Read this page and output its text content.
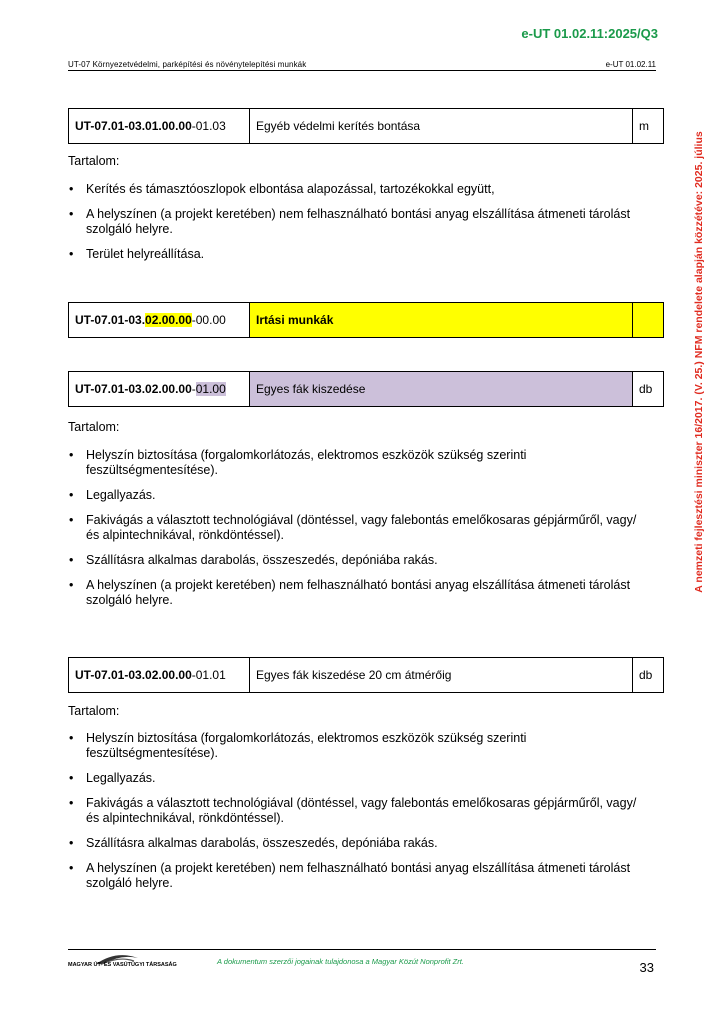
e-UT 01.02.11:2025/Q3
UT-07 Környezetvédelmi, parképítési és növénytelepítési munkák	e-UT 01.02.11
A nemzeti fejlesztési miniszter 16/2017. (V. 25.) NFM rendelete alapján közzétéve: 2025. július
UT-07.01-03.01.00.00-01.03	Egyéb védelmi kerítés bontása	m
Tartalom:
• Kerítés és támasztóoszlopok elbontása alapozással, tartozékokkal együtt,
• A helyszínen (a projekt keretében) nem felhasználható bontási anyag elszállítása átmeneti tárolást szolgáló helyre.
• Terület helyreállítása.
UT-07.01-03.02.00.00-00.00	Irtási munkák	
UT-07.01-03.02.00.00-01.00	Egyes fák kiszedése	db
Tartalom:
• Helyszín biztosítása (forgalomkorlátozás, elektromos eszközök szükség szerinti feszültségmentesítése).
• Legallyazás.
• Fakivágás a választott technológiával (döntéssel, vagy falebontás emelőkosaras gépjárműről, vagy/és alpintechnikával, rönkdöntéssel).
• Szállításra alkalmas darabolás, összeszedés, depóniába rakás.
• A helyszínen (a projekt keretében) nem felhasználható bontási anyag elszállítása átmeneti tárolást szolgáló helyre.
UT-07.01-03.02.00.00-01.01	Egyes fák kiszedése 20 cm átmérőig	db
Tartalom:
• Helyszín biztosítása (forgalomkorlátozás, elektromos eszközök szükség szerinti feszültségmentesítése).
• Legallyazás.
• Fakivágás a választott technológiával (döntéssel, vagy falebontás emelőkosaras gépjárműről, vagy/és alpintechnikával, rönkdöntéssel).
• Szállításra alkalmas darabolás, összeszedés, depóniába rakás.
• A helyszínen (a projekt keretében) nem felhasználható bontási anyag elszállítása átmeneti tárolást szolgáló helyre.
MAGYAR ÚT- ÉS VASÚTÜGYI TÁRSASÁG	A dokumentum szerzői jogainak tulajdonosa a Magyar Közút Nonprofit Zrt.	33
